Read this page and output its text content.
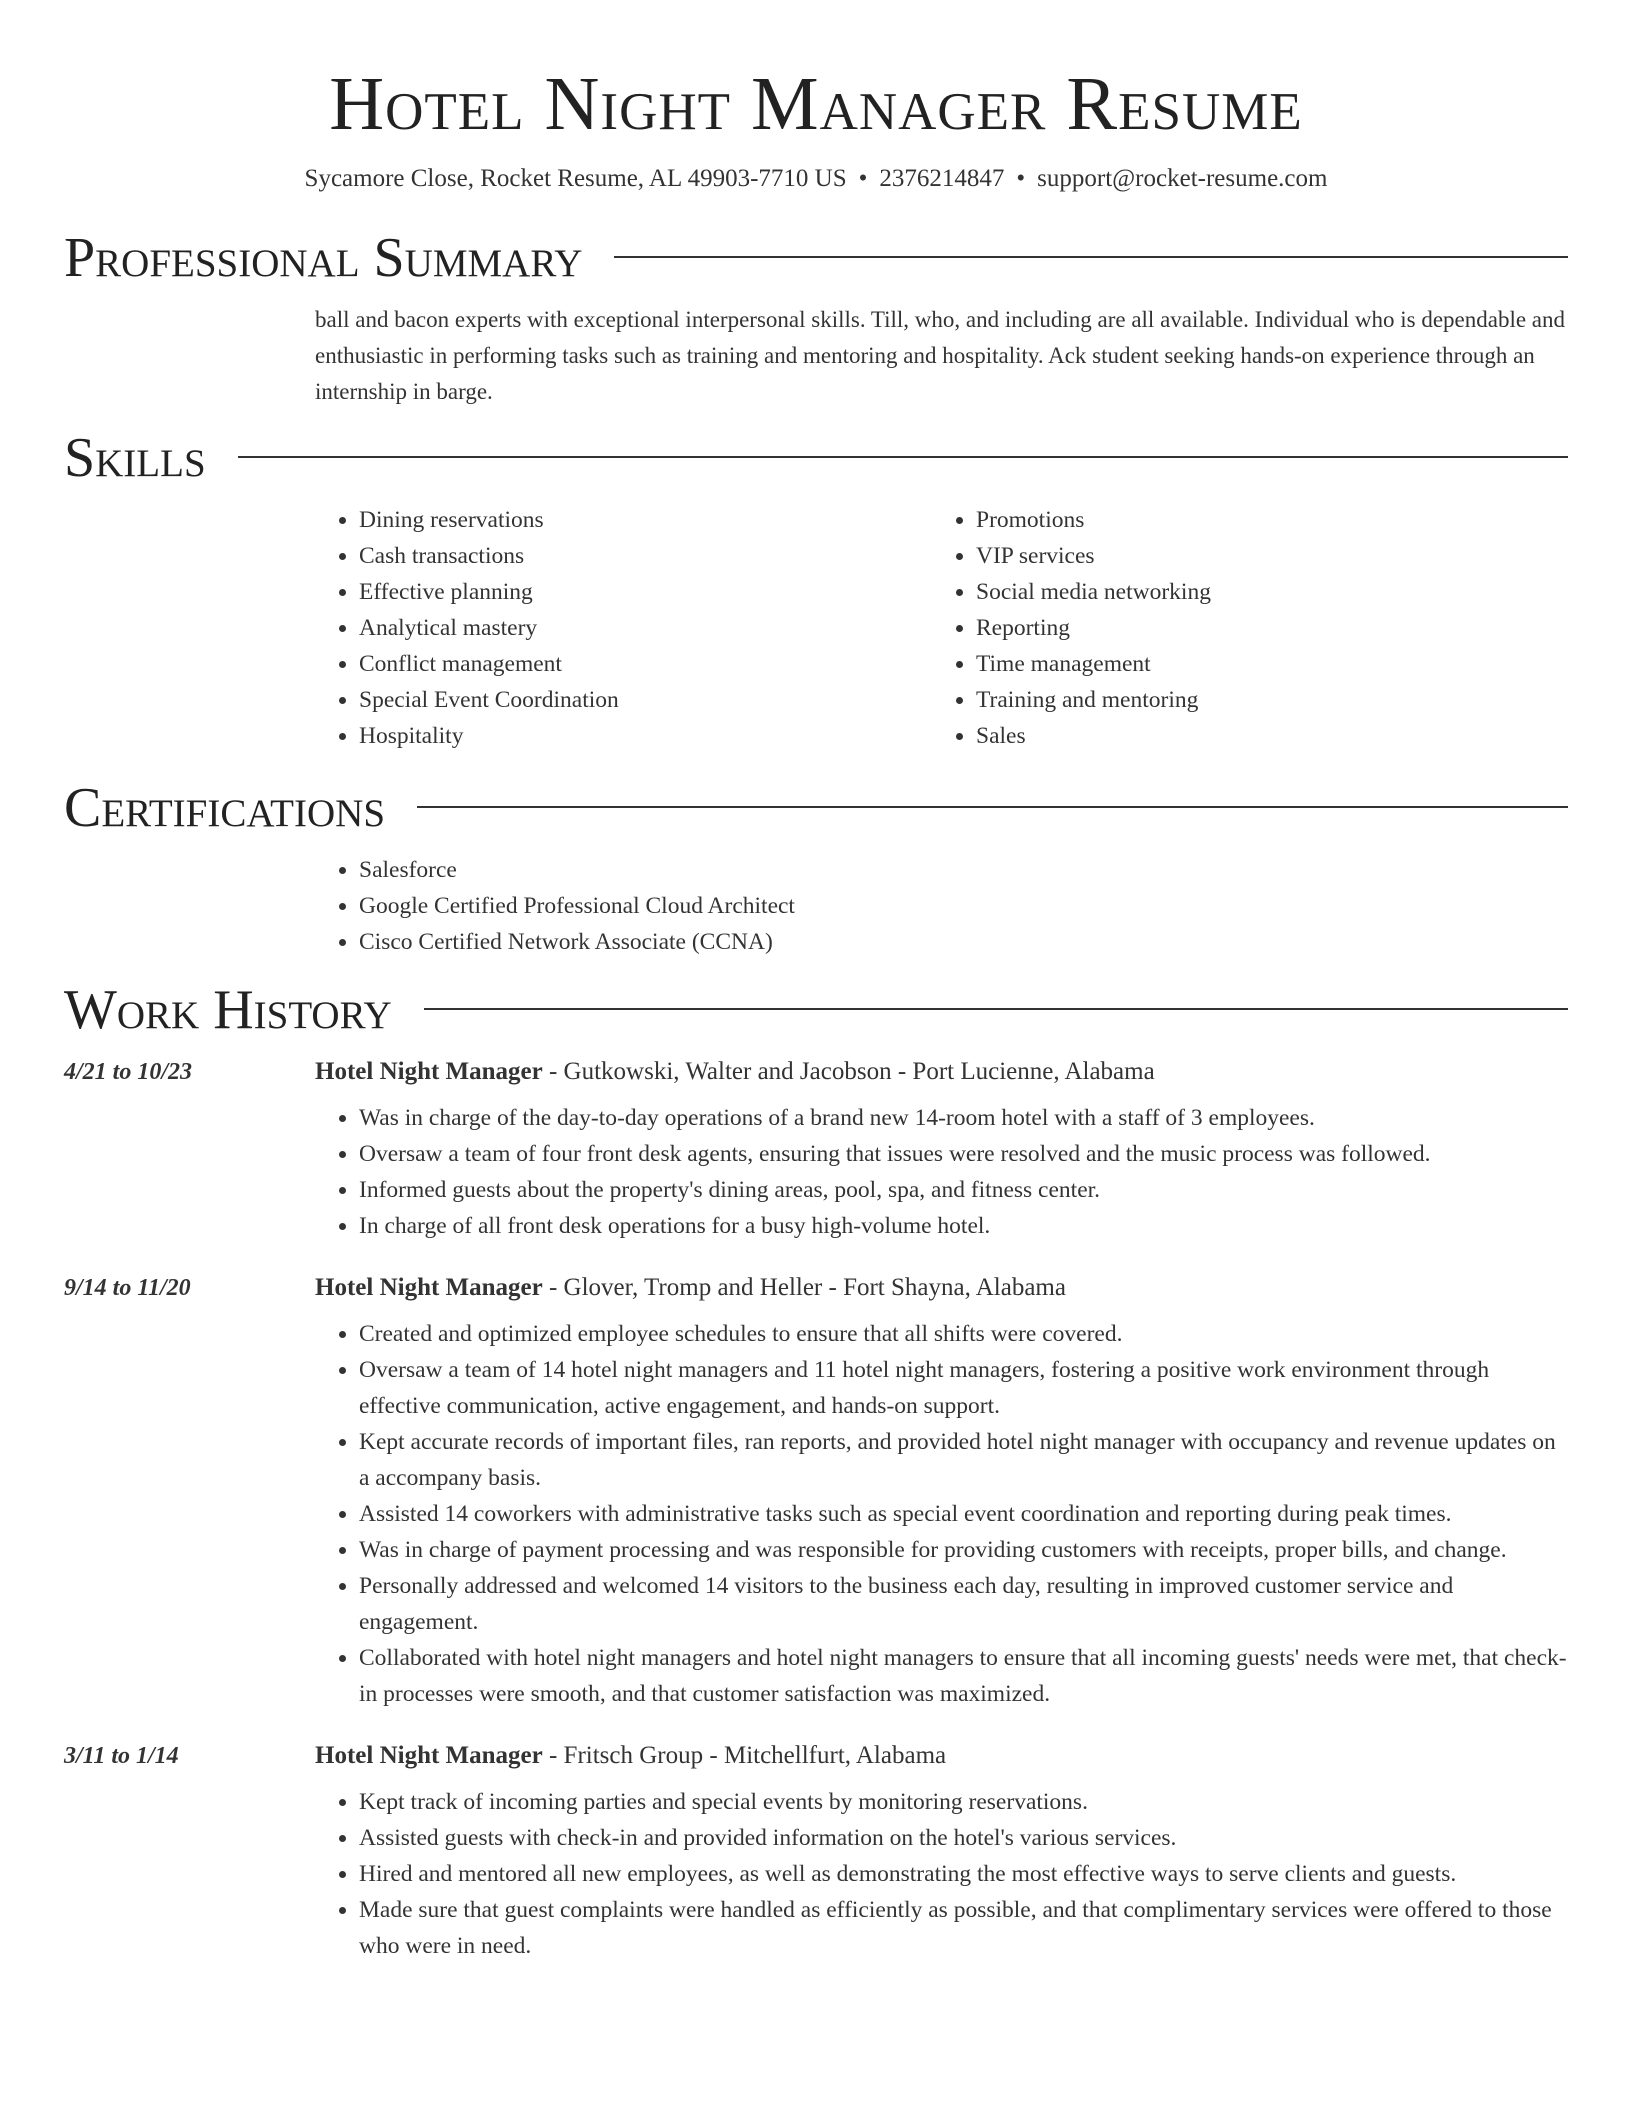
Hotel Night Manager Resume
Sycamore Close, Rocket Resume, AL 49903-7710 US • 2376214847 • support@rocket-resume.com
Professional Summary
ball and bacon experts with exceptional interpersonal skills. Till, who, and including are all available. Individual who is dependable and enthusiastic in performing tasks such as training and mentoring and hospitality. Ack student seeking hands-on experience through an internship in barge.
Skills
• Dining reservations
• Cash transactions
• Effective planning
• Analytical mastery
• Conflict management
• Special Event Coordination
• Hospitality
• Promotions
• VIP services
• Social media networking
• Reporting
• Time management
• Training and mentoring
• Sales
Certifications
• Salesforce
• Google Certified Professional Cloud Architect
• Cisco Certified Network Associate (CCNA)
Work History
4/21 to 10/23	Hotel Night Manager - Gutkowski, Walter and Jacobson - Port Lucienne, Alabama
• Was in charge of the day-to-day operations of a brand new 14-room hotel with a staff of 3 employees.
• Oversaw a team of four front desk agents, ensuring that issues were resolved and the music process was followed.
• Informed guests about the property's dining areas, pool, spa, and fitness center.
• In charge of all front desk operations for a busy high-volume hotel.
9/14 to 11/20	Hotel Night Manager - Glover, Tromp and Heller - Fort Shayna, Alabama
• Created and optimized employee schedules to ensure that all shifts were covered.
• Oversaw a team of 14 hotel night managers and 11 hotel night managers, fostering a positive work environment through effective communication, active engagement, and hands-on support.
• Kept accurate records of important files, ran reports, and provided hotel night manager with occupancy and revenue updates on a accompany basis.
• Assisted 14 coworkers with administrative tasks such as special event coordination and reporting during peak times.
• Was in charge of payment processing and was responsible for providing customers with receipts, proper bills, and change.
• Personally addressed and welcomed 14 visitors to the business each day, resulting in improved customer service and engagement.
• Collaborated with hotel night managers and hotel night managers to ensure that all incoming guests' needs were met, that check-in processes were smooth, and that customer satisfaction was maximized.
3/11 to 1/14	Hotel Night Manager - Fritsch Group - Mitchellfurt, Alabama
• Kept track of incoming parties and special events by monitoring reservations.
• Assisted guests with check-in and provided information on the hotel's various services.
• Hired and mentored all new employees, as well as demonstrating the most effective ways to serve clients and guests.
• Made sure that guest complaints were handled as efficiently as possible, and that complimentary services were offered to those who were in need.
